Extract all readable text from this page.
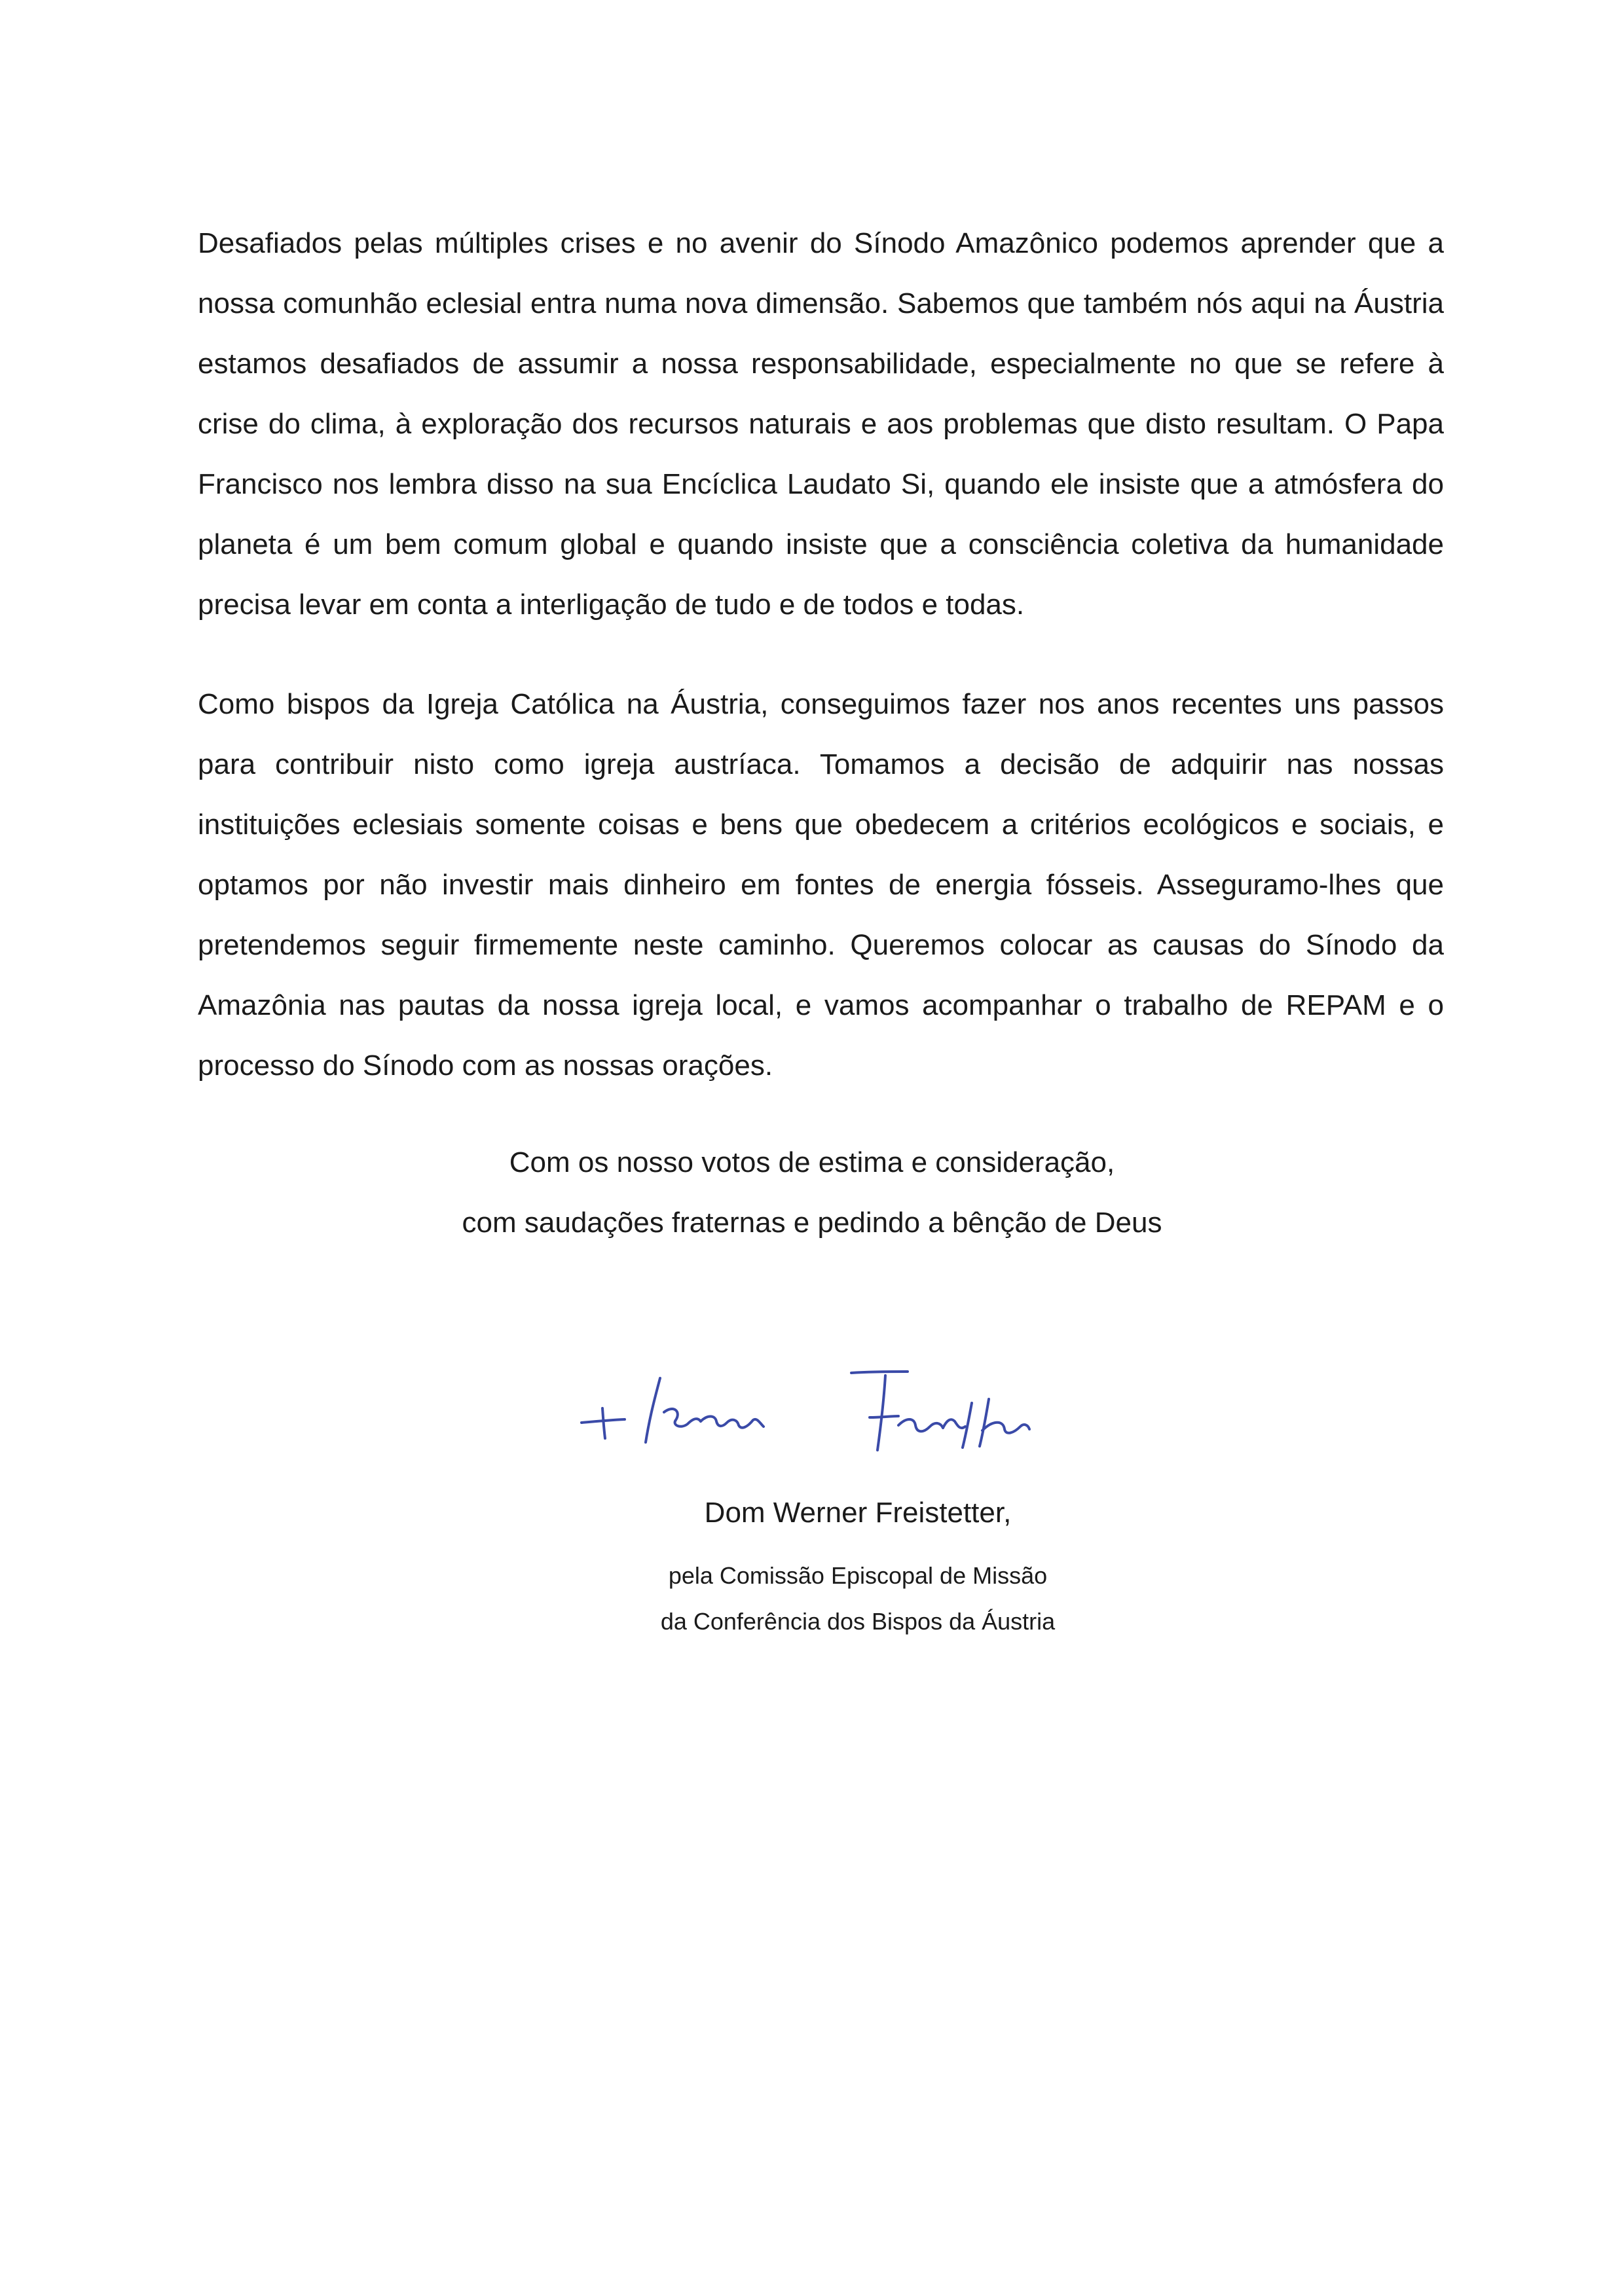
Desafiados pelas múltiples crises e no avenir do Sínodo Amazônico podemos aprender que a nossa comunhão eclesial entra numa nova dimensão. Sabemos que também nós aqui na Áustria estamos desafiados de assumir a nossa responsabilidade, especialmente no que se refere à crise do clima, à exploração dos recursos naturais e aos problemas que disto resultam. O Papa Francisco nos lembra disso na sua Encíclica Laudato Si, quando ele insiste que a atmósfera do planeta é um bem comum global e quando insiste que a consciência coletiva da humanidade precisa levar em conta a interligação de tudo e de todos e todas.

Como bispos da Igreja Católica na Áustria, conseguimos fazer nos anos recentes uns passos para contribuir nisto como igreja austríaca. Tomamos a decisão de adquirir nas nossas instituições eclesiais somente coisas e bens que obedecem a critérios ecológicos e sociais, e optamos por não investir mais dinheiro em fontes de energia fósseis. Asseguramo-lhes que pretendemos seguir firmemente neste caminho. Queremos colocar as causas do Sínodo da Amazônia nas pautas da nossa igreja local, e vamos acompanhar o trabalho de REPAM e o processo do Sínodo com as nossas orações.

Com os nosso votos de estima e consideração,

com saudações fraternas e pedindo a bênção de Deus

Dom Werner Freistetter,

pela Comissão Episcopal de Missão

da Conferência dos Bispos da Áustria
